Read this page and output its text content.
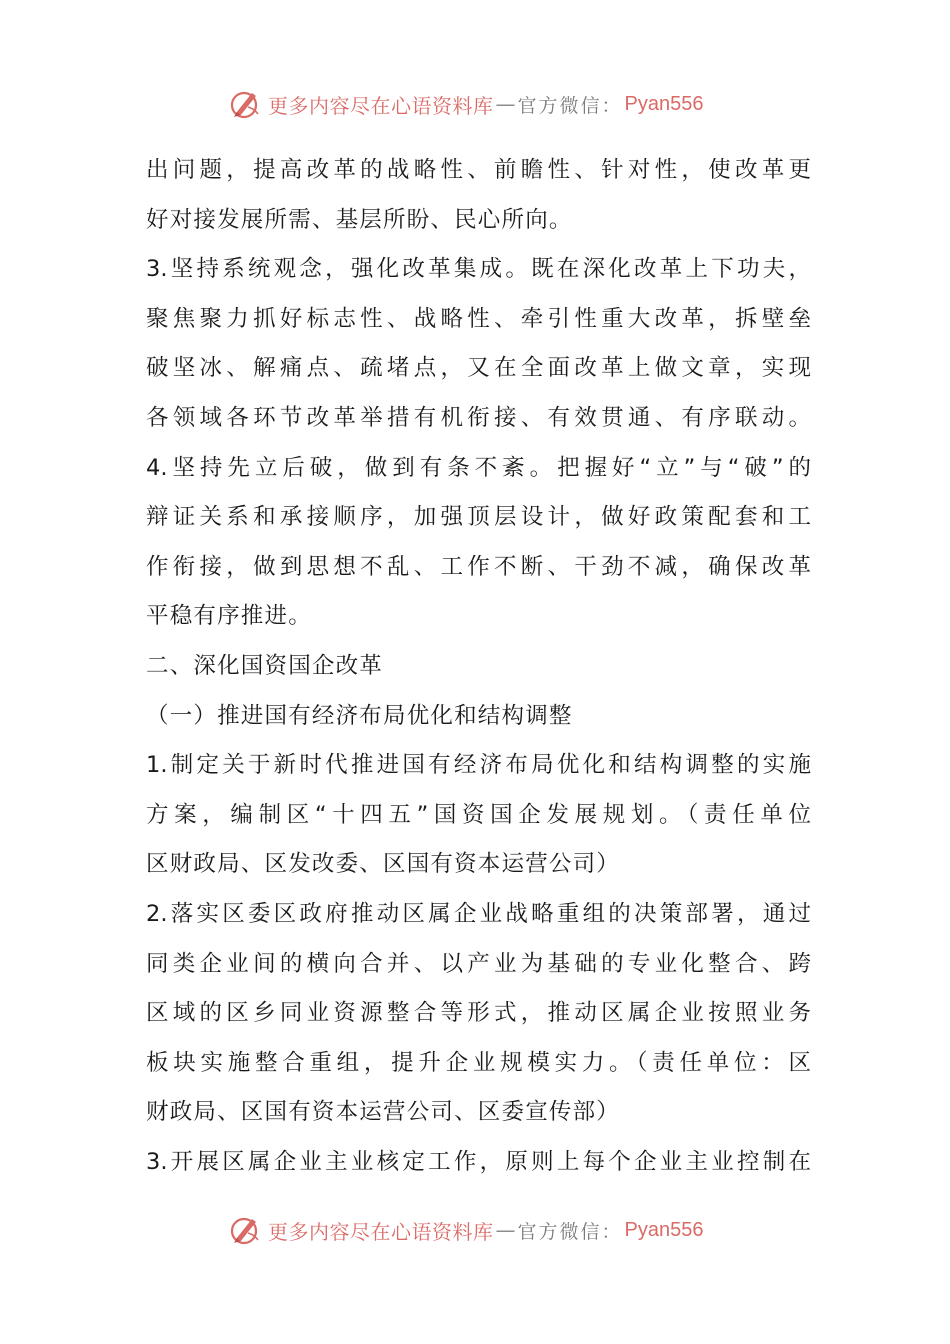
更多内容尽在心语资料库 — 官方微信： Pyan556
出问题，提高改革的战略性、前瞻性、针对性，使改革更
好对接发展所需、基层所盼、民心所向。
3.坚持系统观念，强化改革集成。既在深化改革上下功夫，
聚焦聚力抓好标志性、战略性、牵引性重大改革，拆壁垒
破坚冰、解痛点、疏堵点，又在全面改革上做文章，实现
各领域各环节改革举措有机衔接、有效贯通、有序联动。
4.坚持先立后破，做到有条不紊。把握好“立”与“破”的
辩证关系和承接顺序，加强顶层设计，做好政策配套和工
作衔接，做到思想不乱、工作不断、干劲不减，确保改革
平稳有序推进。
二、深化国资国企改革
（一）推进国有经济布局优化和结构调整
1.制定关于新时代推进国有经济布局优化和结构调整的实施
方案，编制区“十四五”国资国企发展规划。（责任单位
区财政局、区发改委、区国有资本运营公司）
2.落实区委区政府推动区属企业战略重组的决策部署，通过
同类企业间的横向合并、以产业为基础的专业化整合、跨
区域的区乡同业资源整合等形式，推动区属企业按照业务
板块实施整合重组，提升企业规模实力。（责任单位：区
财政局、区国有资本运营公司、区委宣传部）
3.开展区属企业主业核定工作，原则上每个企业主业控制在
更多内容尽在心语资料库 — 官方微信： Pyan556
